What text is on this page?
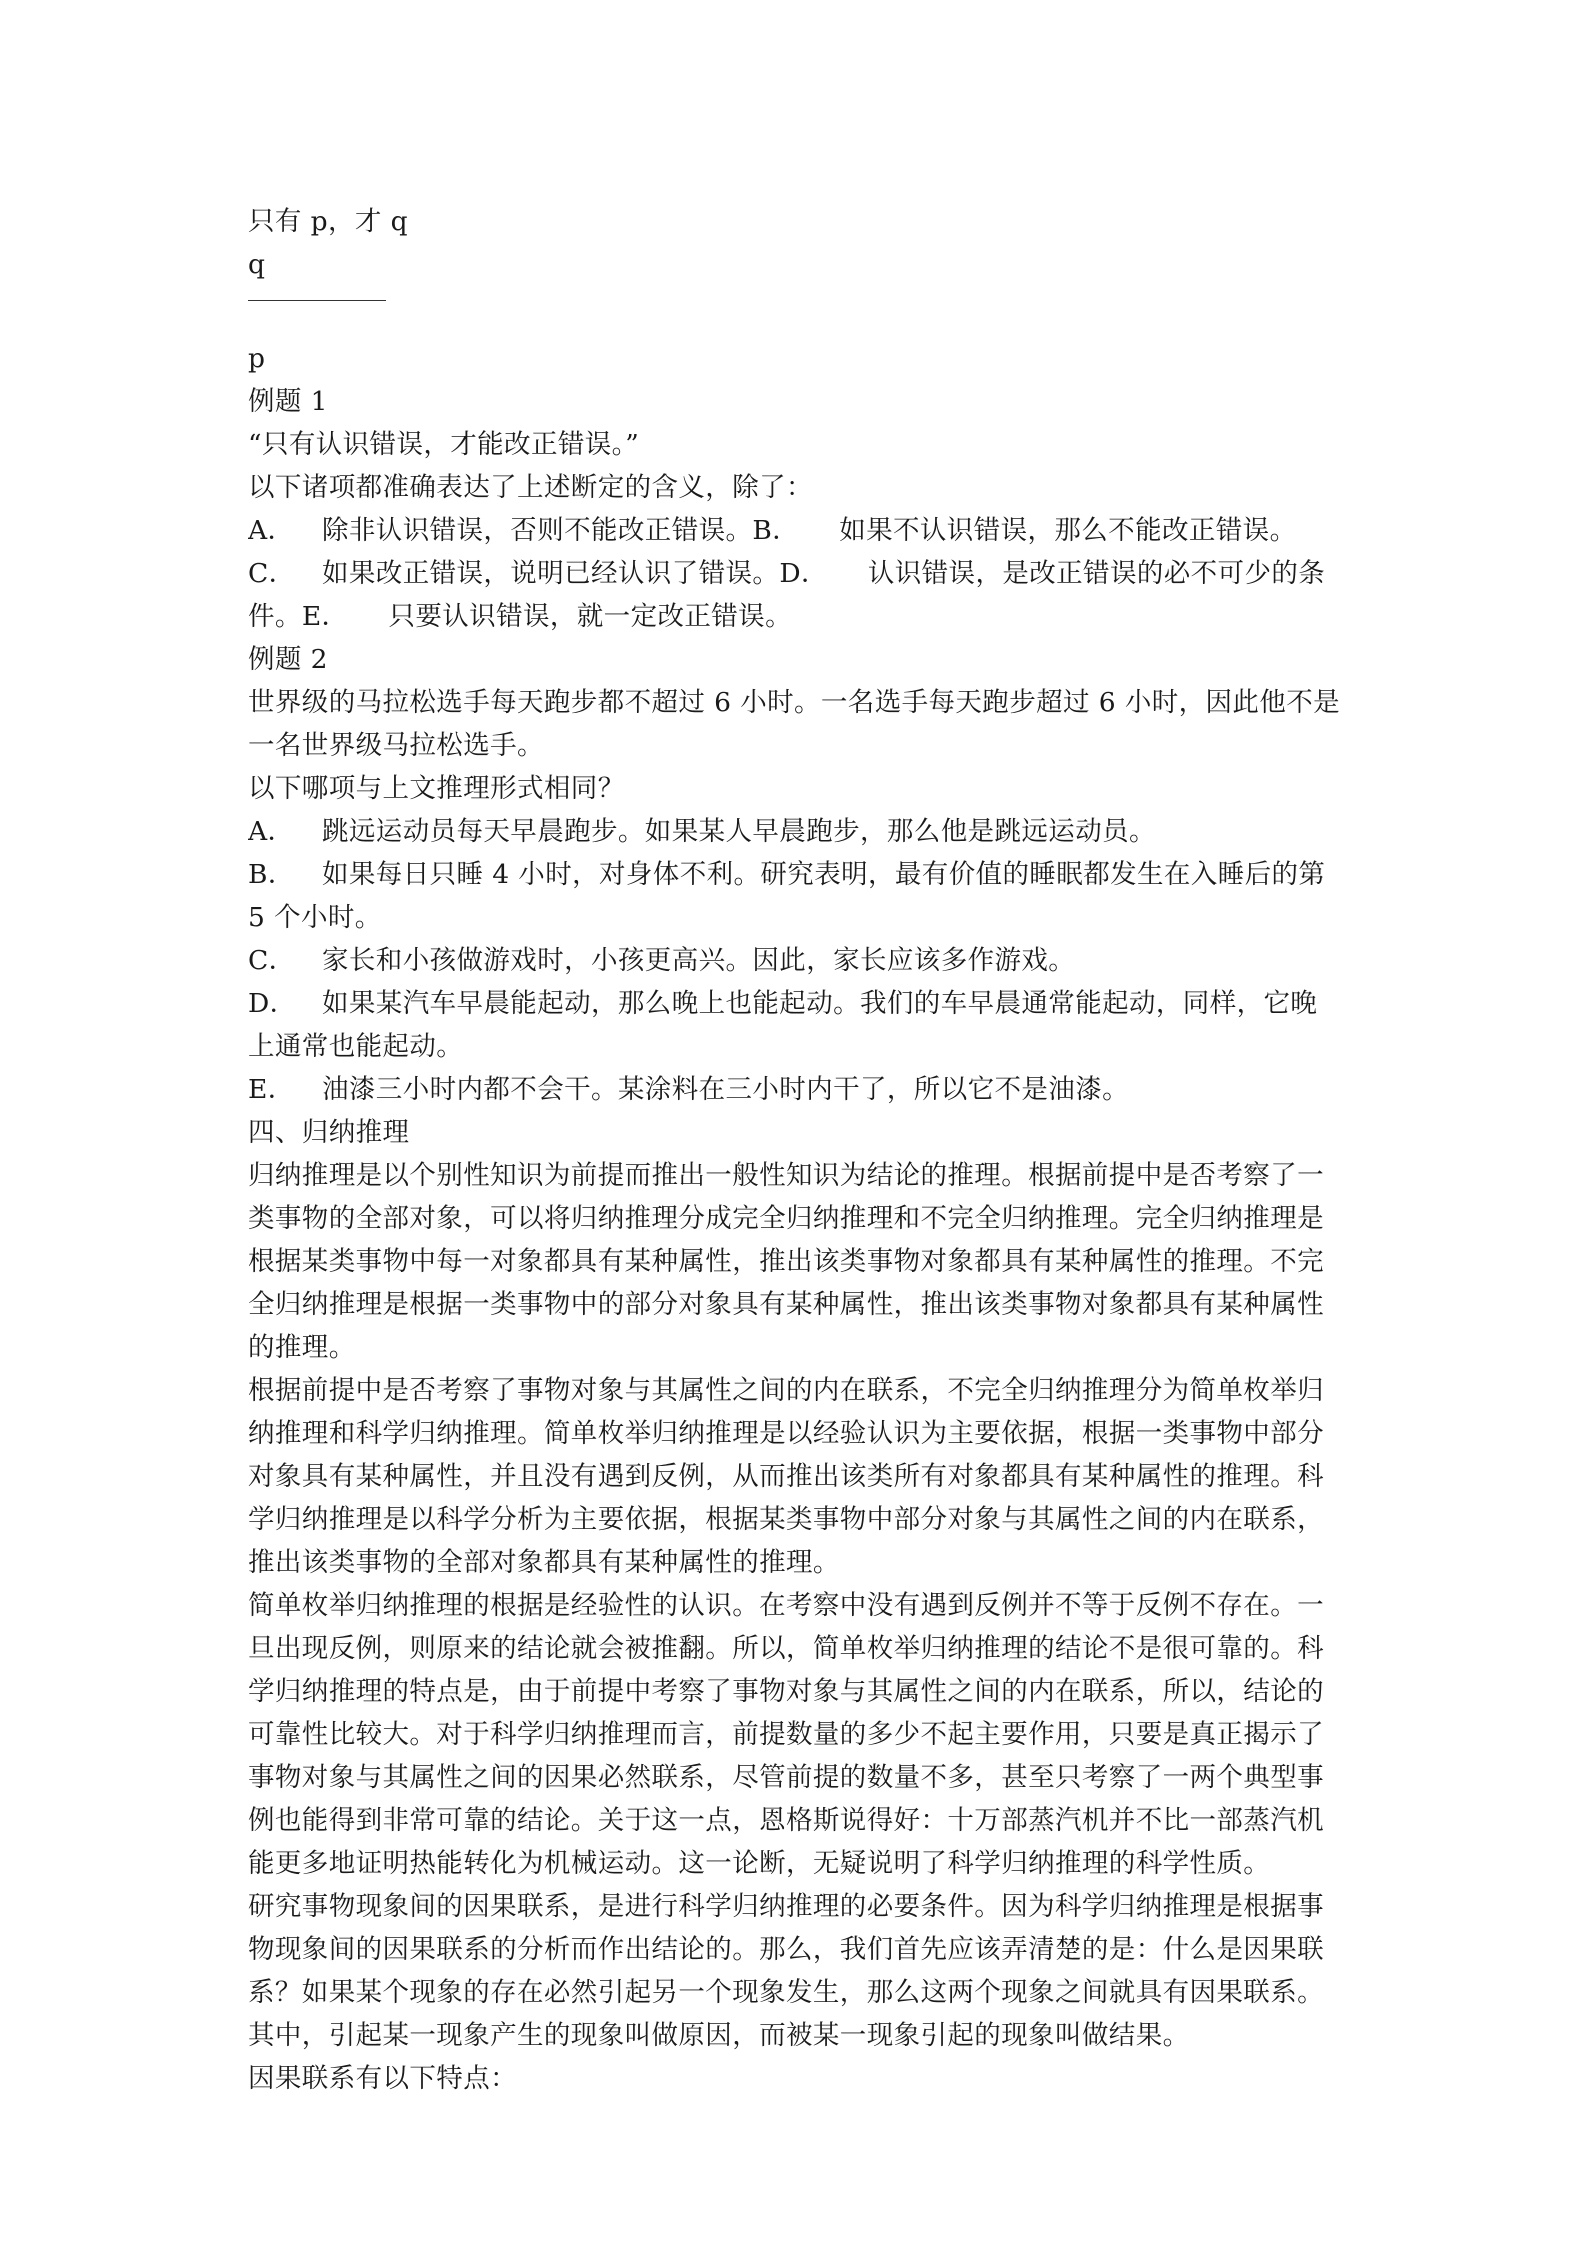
只有 p，才 q
q
p
例题 1
“只有认识错误，才能改正错误。”
以下诸项都准确表达了上述断定的含义，除了：
A． 除非认识错误，否则不能改正错误。B． 如果不认识错误，那么不能改正错误。
C． 如果改正错误，说明已经认识了错误。D． 认识错误，是改正错误的必不可少的条
件。E． 只要认识错误，就一定改正错误。
例题 2
世界级的马拉松选手每天跑步都不超过 6 小时。一名选手每天跑步超过 6 小时，因此他不是
一名世界级马拉松选手。
以下哪项与上文推理形式相同？
A． 跳远运动员每天早晨跑步。如果某人早晨跑步，那么他是跳远运动员。
B． 如果每日只睡 4 小时，对身体不利。研究表明，最有价值的睡眠都发生在入睡后的第
5 个小时。
C． 家长和小孩做游戏时，小孩更高兴。因此，家长应该多作游戏。
D． 如果某汽车早晨能起动，那么晚上也能起动。我们的车早晨通常能起动，同样，它晚
上通常也能起动。
E． 油漆三小时内都不会干。某涂料在三小时内干了，所以它不是油漆。
四、归纳推理
归纳推理是以个别性知识为前提而推出一般性知识为结论的推理。根据前提中是否考察了一
类事物的全部对象，可以将归纳推理分成完全归纳推理和不完全归纳推理。完全归纳推理是
根据某类事物中每一对象都具有某种属性，推出该类事物对象都具有某种属性的推理。不完
全归纳推理是根据一类事物中的部分对象具有某种属性，推出该类事物对象都具有某种属性
的推理。
根据前提中是否考察了事物对象与其属性之间的内在联系，不完全归纳推理分为简单枚举归
纳推理和科学归纳推理。简单枚举归纳推理是以经验认识为主要依据，根据一类事物中部分
对象具有某种属性，并且没有遇到反例，从而推出该类所有对象都具有某种属性的推理。科
学归纳推理是以科学分析为主要依据，根据某类事物中部分对象与其属性之间的内在联系，
推出该类事物的全部对象都具有某种属性的推理。
简单枚举归纳推理的根据是经验性的认识。在考察中没有遇到反例并不等于反例不存在。一
旦出现反例，则原来的结论就会被推翻。所以，简单枚举归纳推理的结论不是很可靠的。科
学归纳推理的特点是，由于前提中考察了事物对象与其属性之间的内在联系，所以，结论的
可靠性比较大。对于科学归纳推理而言，前提数量的多少不起主要作用，只要是真正揭示了
事物对象与其属性之间的因果必然联系，尽管前提的数量不多，甚至只考察了一两个典型事
例也能得到非常可靠的结论。关于这一点，恩格斯说得好：十万部蒸汽机并不比一部蒸汽机
能更多地证明热能转化为机械运动。这一论断，无疑说明了科学归纳推理的科学性质。
研究事物现象间的因果联系，是进行科学归纳推理的必要条件。因为科学归纳推理是根据事
物现象间的因果联系的分析而作出结论的。那么，我们首先应该弄清楚的是：什么是因果联
系？如果某个现象的存在必然引起另一个现象发生，那么这两个现象之间就具有因果联系。
其中，引起某一现象产生的现象叫做原因，而被某一现象引起的现象叫做结果。
因果联系有以下特点：
